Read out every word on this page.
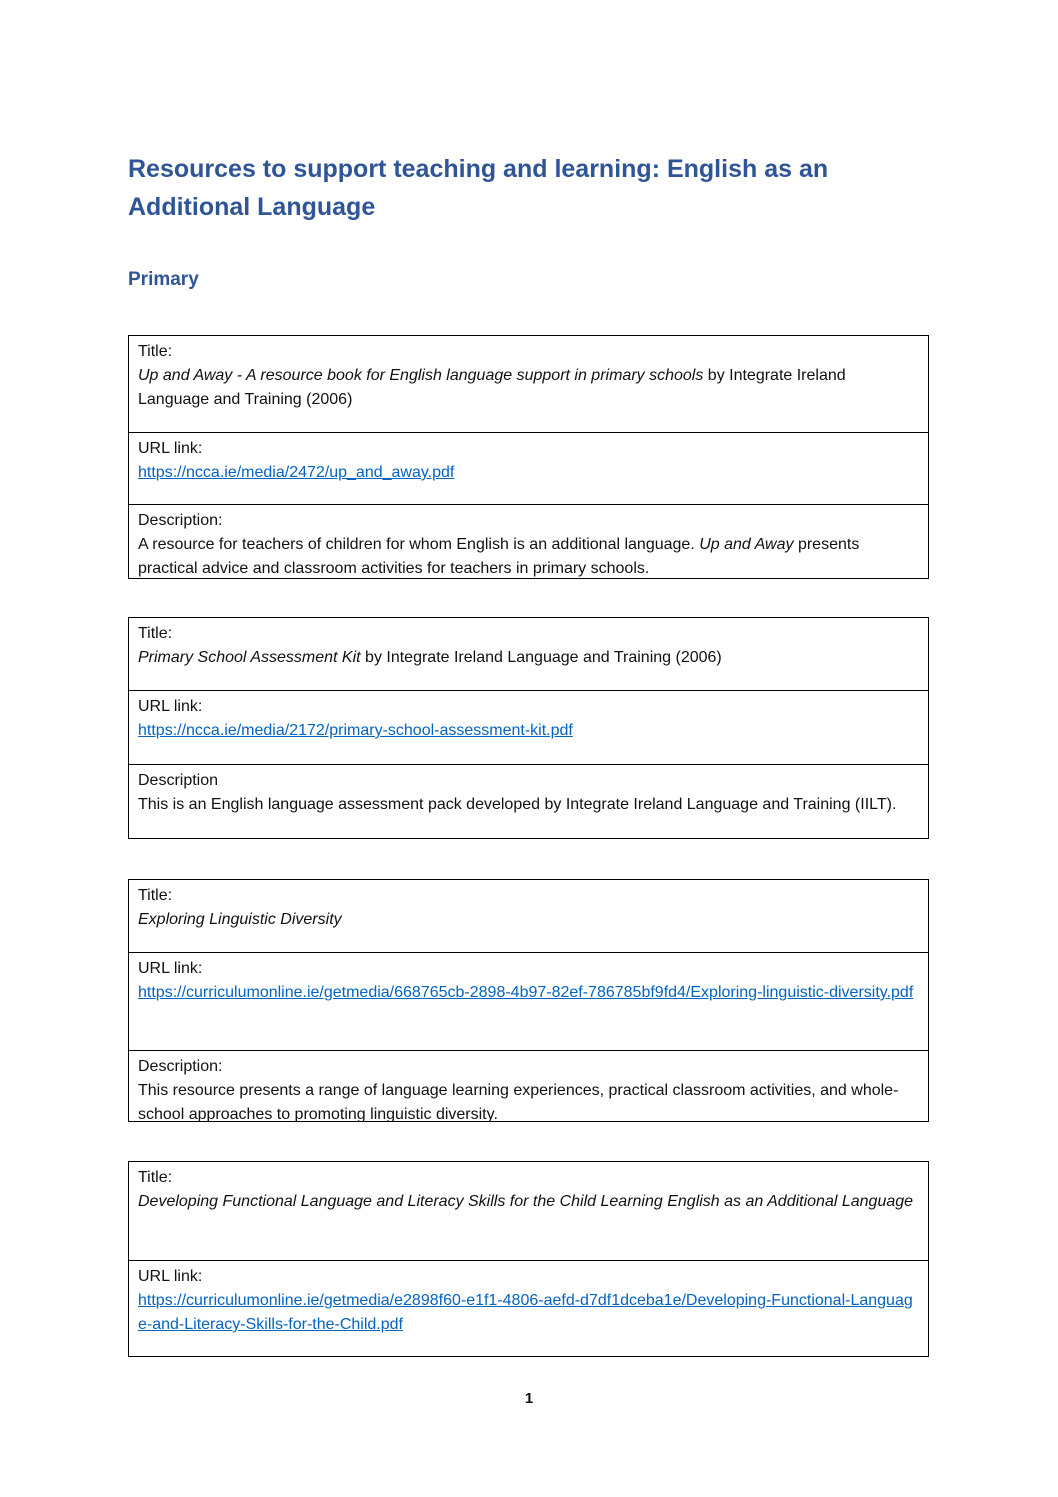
Resources to support teaching and learning: English as an Additional Language
Primary
Title:
Up and Away - A resource book for English language support in primary schools by Integrate Ireland Language and Training (2006)
URL link:
https://ncca.ie/media/2472/up_and_away.pdf
Description:
A resource for teachers of children for whom English is an additional language. Up and Away presents practical advice and classroom activities for teachers in primary schools.
Title:
Primary School Assessment Kit by Integrate Ireland Language and Training (2006)
URL link:
https://ncca.ie/media/2172/primary-school-assessment-kit.pdf
Description
This is an English language assessment pack developed by Integrate Ireland Language and Training (IILT).
Title:
Exploring Linguistic Diversity
URL link:
https://curriculumonline.ie/getmedia/668765cb-2898-4b97-82ef-786785bf9fd4/Exploring-linguistic-diversity.pdf
Description:
This resource presents a range of language learning experiences, practical classroom activities, and whole-school approaches to promoting linguistic diversity.
Title:
Developing Functional Language and Literacy Skills for the Child Learning English as an Additional Language
URL link:
https://curriculumonline.ie/getmedia/e2898f60-e1f1-4806-aefd-d7df1dceba1e/Developing-Functional-Language-and-Literacy-Skills-for-the-Child.pdf
1
